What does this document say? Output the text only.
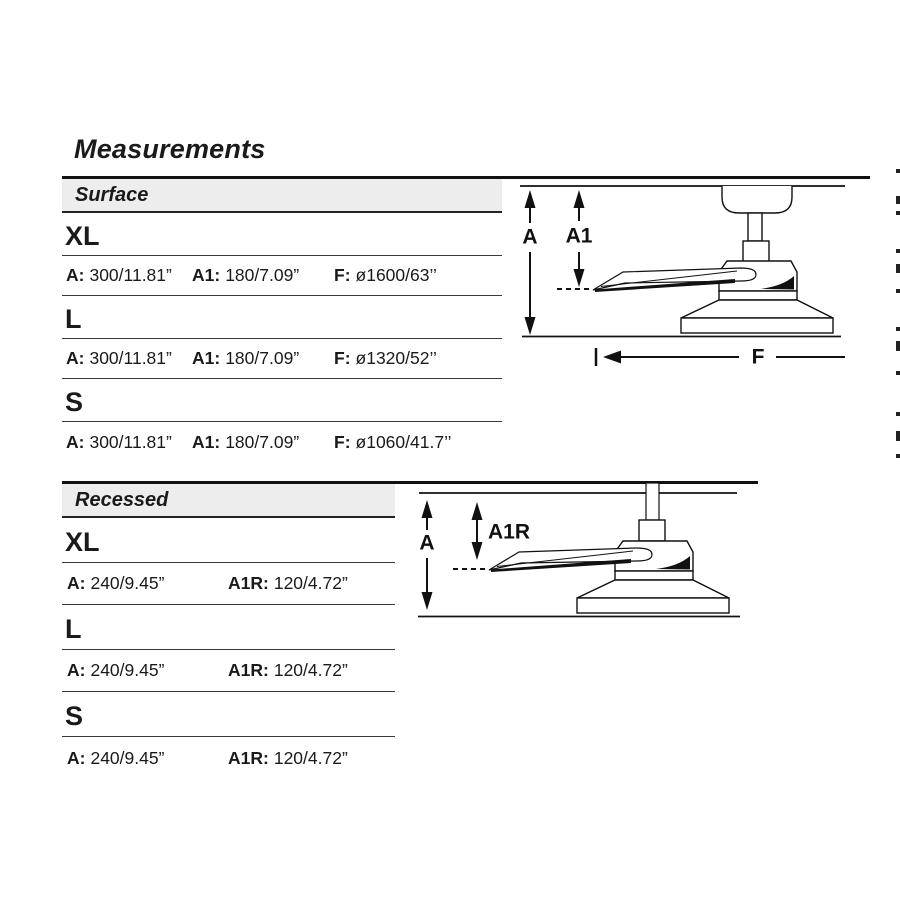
Measurements
Surface
XL
A: 300/11.81”	A1: 180/7.09”	F: ø1600/63’’
L
A: 300/11.81”	A1: 180/7.09”	F: ø1320/52’’
S
A: 300/11.81”	A1: 180/7.09”	F: ø1060/41.7’’
Recessed
XL
A: 240/9.45”	A1R: 120/4.72”
L
A: 240/9.45”	A1R: 120/4.72”
S
A: 240/9.45”	A1R: 120/4.72”
A A1
F
A	A1R
